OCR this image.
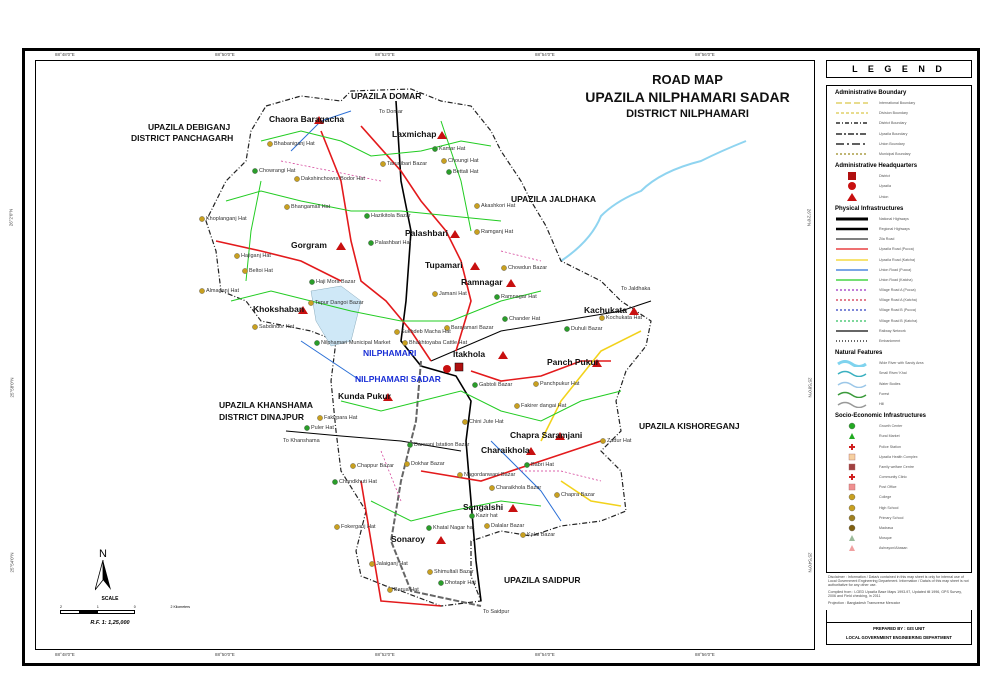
UPAZILA DOMAR
UPAZILA DEBIGANJ
DISTRICT PANCHAGARH
UPAZILA JALDHAKA
UPAZILA KHANSHAMA
DISTRICT DINAJPUR
UPAZILA KISHOREGANJ
UPAZILA SAIDPUR
NILPHAMARI
NILPHAMARI SADAR
Chaora Baragacha
Laxmichap
Palashbari
Gorgram
Tupamari
Ramnagar
Khokshaban	Kachukata
Itakhola
Panch Pukur
Kunda Pukur
Chapra Saramjani
Charaikhola
Sangalshi
Sonaroy
Kamar Hat
Bhabaniganj Hat
Choungi Hat
Chowrangi Hat
Tarunibari Bazar
Dakshinchowra Bodor Hat
Bettali Hat
Bhangamali Hat	Akashkori Hat
Hazikitola Bazar
Ramganj Hat
Khoplanganj Hat
Palashbari Hat
Hajiganj Hat
Beltoi Hat
Haji Mora Bazar
Jamani Hat
Chowdun Bazar
Ramnagar Hat
Almaganj Hat
Tepur Dangoi Bazar
Chander Hat	Kochukata Hat
Sabdindor Hat	Duhuli Bazar
Sukhdeb Macha Hat
Barajamari Bazar
Nilphamari Municipal Market	Bhakhtoyaba Cattle Hat
Panchpukur Hat
Gabtoli Bazar
Fakirer dangai Hat
Fakirpara Hat
Puler Hat
Chini Jute Hat
Zadur Hat
Darwani Istation Bazar
Chappur Bazar	Dokhar Bazar	Babri Hat
Charaikhola Bazar
Nagordanwani Bazar
Chandkhuti Hat
Chapra Bazar
Fokerganj Hat
Kazir hat
Dalalar Bazar
Kalai Bazar
Khatal Nagar hat
Jalaiganj Hat
Shimultali Bazar
Dhotapir Hat
Barua Hat
To Khanshama
To Domar
To Jaldhaka
To Saidpur
88°48'0"E
88°48'0"E
88°50'0"E
88°50'0"E
88°52'0"E
88°52'0"E
88°54'0"E
88°54'0"E
88°56'0"E
88°56'0"E
26°2'0"N	26°2'0"N
25°58'0"N	25°58'0"N
25°54'0"N	25°54'0"N
ROAD MAP
UPAZILA NILPHAMARI SADAR
DISTRICT NILPHAMARI
N
SCALE
2	1	0	2 Kilometers
R.F. 1: 1,25,000
L E G E N D
Administrative Boundary
International Boundary
Division Boundary
District Boundary
Upazila Boundary
Union Boundary
Municipal Boundary
Administrative Headquarters
District
Upazila
Union
Physical Infrastructures
National Highways
Regional Highways
Zila Road
Upazila Road (Pucca)
Upazila Road (Katcha)
Union Road (Pucca)
Union Road (Katcha)
Village Road A (Pucca)
Village Road A (Katcha)
Village Road B (Pucca)
Village Road B (Katcha)
Railway Network
Embankment
Natural Features
Wide River with Sandy Area
Small River/ Khal
Water Bodies
Forest
Hill
Socio-Economic Infrastructures
Growth Center
Rural Market
Police Station
Upazila Health Complex
Family welfare Centre
Community Clinic
Post Office
College
High School
Primary School
Madrasa
Mosque
Ashrayon/Abasan
Disclaimer : Information / Data/s contained in this map sheet is only for internal use of Local Government Engineering Department. Information / Data/s of this map sheet is not authoritative for any other use.
Compiled from : LGED Upazila Base Maps 1993-97, Updated till 1996, GPS Survey, 2006 and Field checking, in 2011
Projection : Bangladesh Transverse Mercator
PREPARED BY : GIS UNIT
LOCAL GOVERNMENT ENGINEERING DEPARTMENT
